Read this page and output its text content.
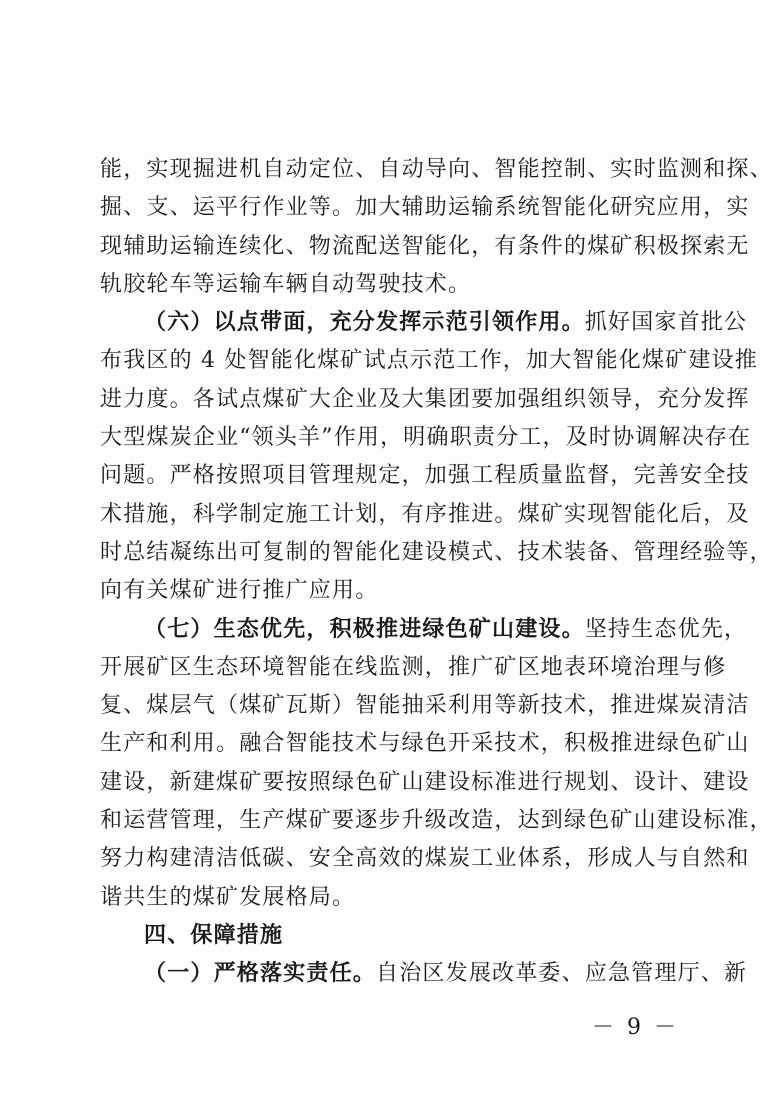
能，实现掘进机自动定位、自动导向、智能控制、实时监测和探、
掘、支、运平行作业等。加大辅助运输系统智能化研究应用，实
现辅助运输连续化、物流配送智能化，有条件的煤矿积极探索无
轨胶轮车等运输车辆自动驾驶技术。
（六）以点带面，充分发挥示范引领作用。抓好国家首批公
布我区的 4 处智能化煤矿试点示范工作，加大智能化煤矿建设推
进力度。各试点煤矿大企业及大集团要加强组织领导，充分发挥
大型煤炭企业“领头羊”作用，明确职责分工，及时协调解决存在
问题。严格按照项目管理规定，加强工程质量监督，完善安全技
术措施，科学制定施工计划，有序推进。煤矿实现智能化后，及
时总结凝练出可复制的智能化建设模式、技术装备、管理经验等，
向有关煤矿进行推广应用。
（七）生态优先，积极推进绿色矿山建设。坚持生态优先，
开展矿区生态环境智能在线监测，推广矿区地表环境治理与修
复、煤层气（煤矿瓦斯）智能抽采利用等新技术，推进煤炭清洁
生产和利用。融合智能技术与绿色开采技术，积极推进绿色矿山
建设，新建煤矿要按照绿色矿山建设标准进行规划、设计、建设
和运营管理，生产煤矿要逐步升级改造，达到绿色矿山建设标准，
努力构建清洁低碳、安全高效的煤炭工业体系，形成人与自然和
谐共生的煤矿发展格局。
四、保障措施
（一）严格落实责任。自治区发展改革委、应急管理厅、新
－ 9 －
